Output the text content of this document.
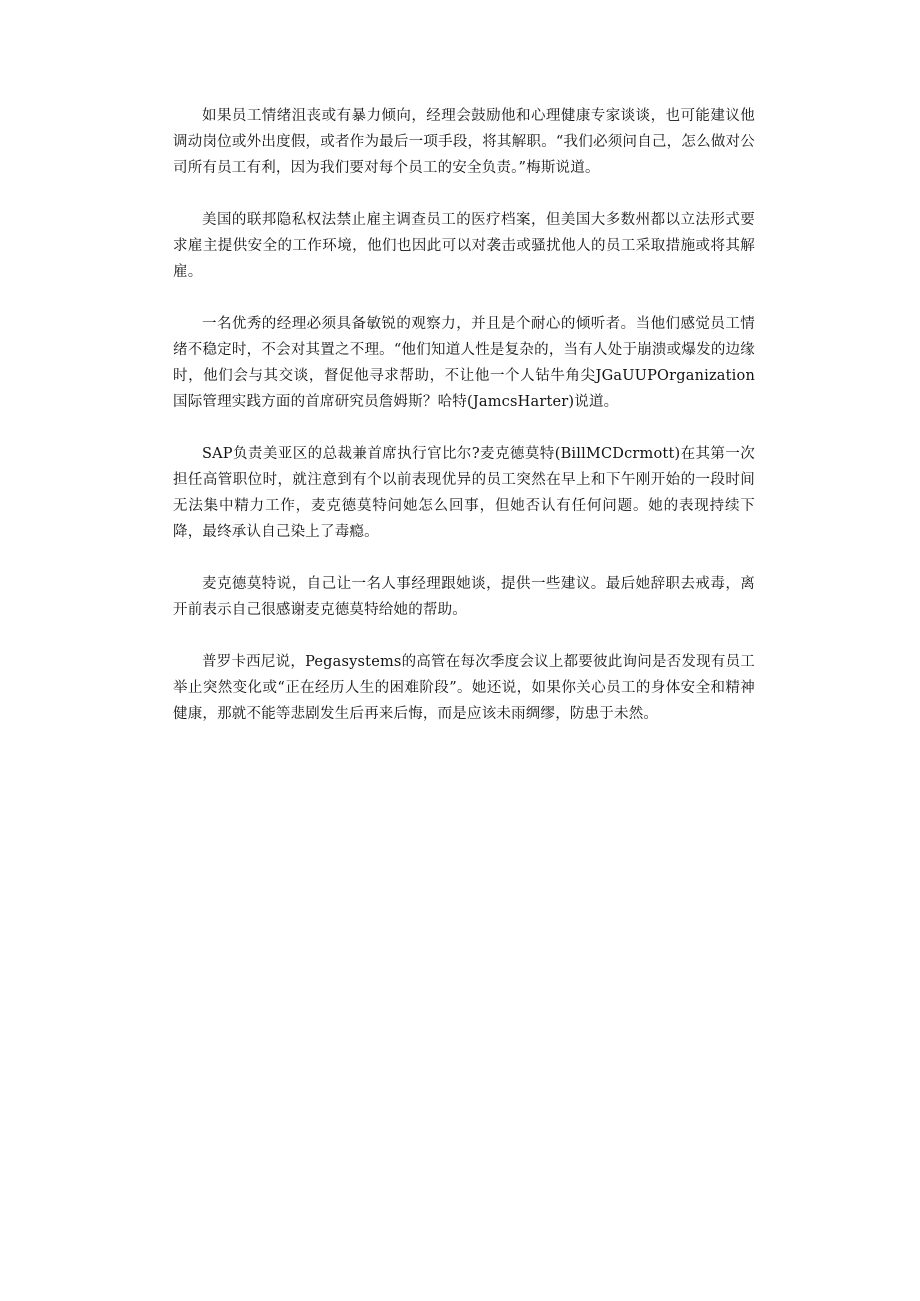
如果员工情绪沮丧或有暴力倾向，经理会鼓励他和心理健康专家谈谈，也可能建议他调动岗位或外出度假，或者作为最后一项手段，将其解职。“我们必须问自己，怎么做对公司所有员工有利，因为我们要对每个员工的安全负责。”梅斯说道。

美国的联邦隐私权法禁止雇主调查员工的医疗档案，但美国大多数州都以立法形式要求雇主提供安全的工作环境，他们也因此可以对袭击或骚扰他人的员工采取措施或将其解雇。

一名优秀的经理必须具备敏锐的观察力，并且是个耐心的倾听者。当他们感觉员工情绪不稳定时，不会对其置之不理。“他们知道人性是复杂的，当有人处于崩溃或爆发的边缘时，他们会与其交谈，督促他寻求帮助，不让他一个人钻牛角尖JGaUUPOrganization国际管理实践方面的首席研究员詹姆斯？哈特(JamcsHarter)说道。

SAP负责美亚区的总裁兼首席执行官比尔?麦克德莫特(BillMCDcrmott)在其第一次担任高管职位时，就注意到有个以前表现优异的员工突然在早上和下午刚开始的一段时间无法集中精力工作，麦克德莫特问她怎么回事，但她否认有任何问题。她的表现持续下降，最终承认自己染上了毒瘾。

麦克德莫特说，自己让一名人事经理跟她谈，提供一些建议。最后她辞职去戒毒，离开前表示自己很感谢麦克德莫特给她的帮助。

普罗卡西尼说，Pegasystems的高管在每次季度会议上都要彼此询问是否发现有员工举止突然变化或“正在经历人生的困难阶段”。她还说，如果你关心员工的身体安全和精神健康，那就不能等悲剧发生后再来后悔，而是应该未雨绸缪，防患于未然。
